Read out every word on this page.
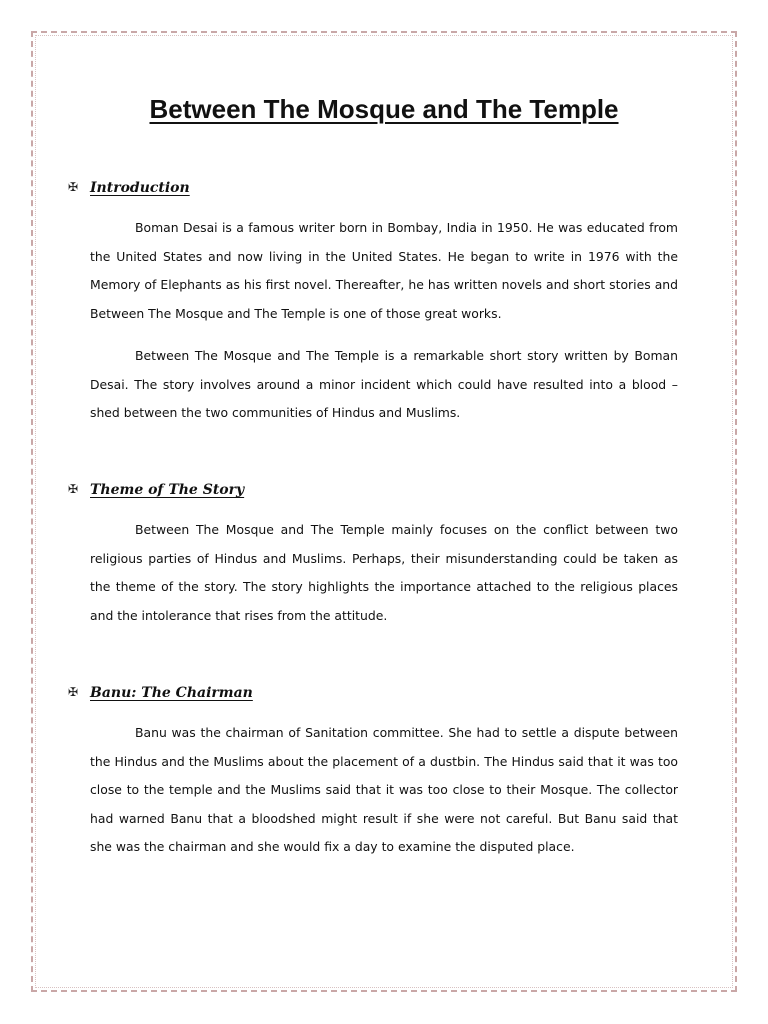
Between The Mosque and The Temple
✠ Introduction

Boman Desai is a famous writer born in Bombay, India in 1950. He was educated from the United States and now living in the United States. He began to write in 1976 with the Memory of Elephants as his first novel. Thereafter, he has written novels and short stories and Between The Mosque and The Temple is one of those great works.

Between The Mosque and The Temple is a remarkable short story written by Boman Desai. The story involves around a minor incident which could have resulted into a blood – shed between the two communities of Hindus and Muslims.

✠ Theme of The Story

Between The Mosque and The Temple mainly focuses on the conflict between two religious parties of Hindus and Muslims. Perhaps, their misunderstanding could be taken as the theme of the story. The story highlights the importance attached to the religious places and the intolerance that rises from the attitude.

✠ Banu: The Chairman

Banu was the chairman of Sanitation committee. She had to settle a dispute between the Hindus and the Muslims about the placement of a dustbin. The Hindus said that it was too close to the temple and the Muslims said that it was too close to their Mosque. The collector had warned Banu that a bloodshed might result if she were not careful. But Banu said that she was the chairman and she would fix a day to examine the disputed place.
